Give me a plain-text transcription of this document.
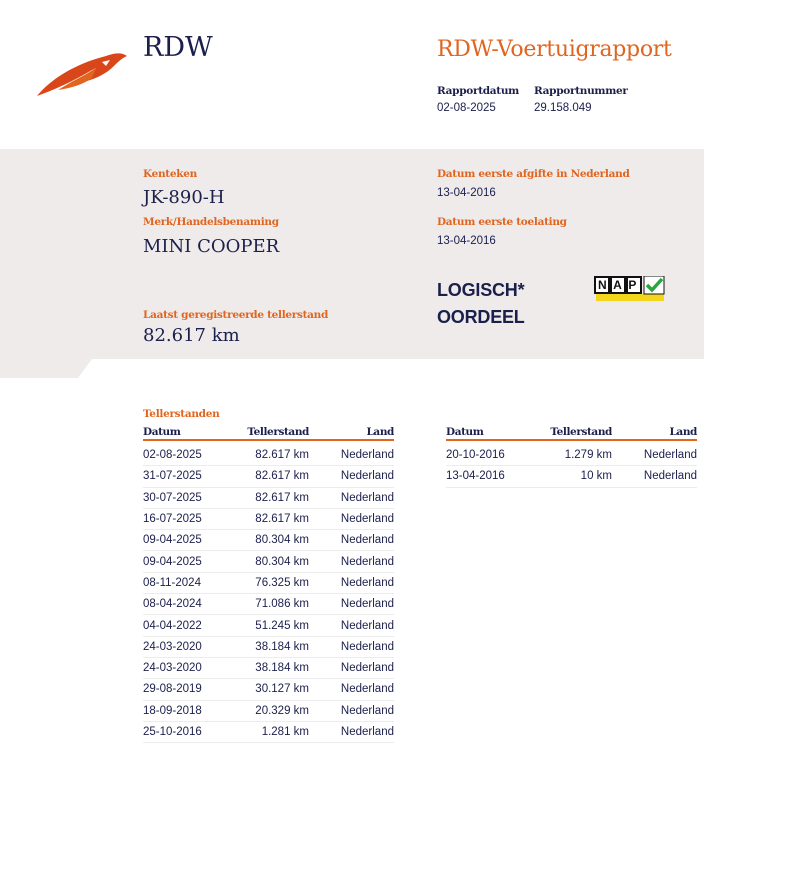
RDW	RDW-Voertuigrapport
Rapportdatum
02-08-2025
Rapportnummer
29.158.049
Kenteken
JK-890-H
Merk/Handelsbenaming
MINI COOPER
Laatst geregistreerde tellerstand
82.617 km
Datum eerste afgifte in Nederland
13-04-2016
Datum eerste toelating
13-04-2016
LOGISCH*
OORDEEL
NAP
Tellerstanden
Datum	Tellerstand	Land
02-08-2025	82.617 km	Nederland
31-07-2025	82.617 km	Nederland
30-07-2025	82.617 km	Nederland
16-07-2025	82.617 km	Nederland
09-04-2025	80.304 km	Nederland
09-04-2025	80.304 km	Nederland
08-11-2024	76.325 km	Nederland
08-04-2024	71.086 km	Nederland
04-04-2022	51.245 km	Nederland
24-03-2020	38.184 km	Nederland
24-03-2020	38.184 km	Nederland
29-08-2019	30.127 km	Nederland
18-09-2018	20.329 km	Nederland
25-10-2016	1.281 km	Nederland
Datum	Tellerstand	Land
20-10-2016	1.279 km	Nederland
13-04-2016	10 km	Nederland
